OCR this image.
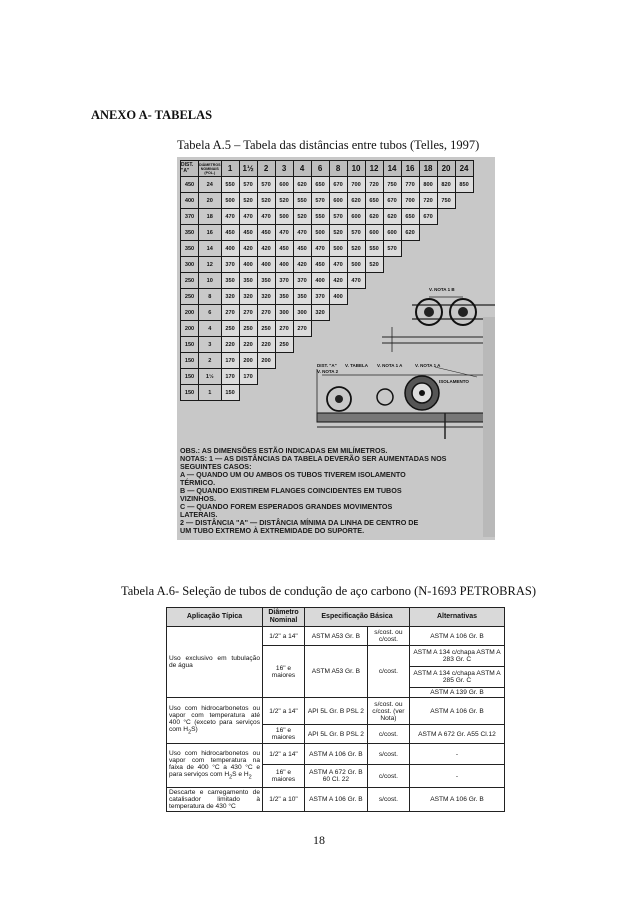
ANEXO A- TABELAS
Tabela A.5 – Tabela das distâncias entre tubos (Telles, 1997)
V. NOTA 1 B
DIST. "A" V. TABELA V. NOTA 1 A
V. NOTA 2
ISOLAMENTO
V. NOTA 1 A
DIST. "A"	DIÂMETROS NOMINAIS (POL.)	1	1½	2	3	4	6	8	10	12	14	16	18	20	24
450	24	550	570	570	600	620	650	670	700	720	750	770	800	820	850
400	20	500	520	520	520	550	570	600	620	650	670	700	720	750	
370	18	470	470	470	500	520	550	570	600	620	620	650	670		
350	16	450	450	450	470	470	500	520	570	600	600	620			
350	14	400	420	420	450	450	470	500	520	550	570				
300	12	370	400	400	400	420	450	470	500	520					
250	10	350	350	350	370	370	400	420	470						
250	8	320	320	320	350	350	370	400							
200	6	270	270	270	300	300	320								
200	4	250	250	250	270	270									
150	3	220	220	220	250										
150	2	170	200	200											
150	1½	170	170												
150	1	150													
OBS.: AS DIMENSÕES ESTÃO INDICADAS EM MILÍMETROS.
NOTAS: 1 — AS DISTÂNCIAS DA TABELA DEVERÃO SER AUMENTADAS NOS
SEGUINTES CASOS:
A — QUANDO UM OU AMBOS OS TUBOS TIVEREM ISOLAMENTO
TÉRMICO.
B — QUANDO EXISTIREM FLANGES COINCIDENTES EM TUBOS
VIZINHOS.
C — QUANDO FOREM ESPERADOS GRANDES MOVIMENTOS
LATERAIS.
2 — DISTÂNCIA "A" — DISTÂNCIA MÍNIMA DA LINHA DE CENTRO DE
UM TUBO EXTREMO À EXTREMIDADE DO SUPORTE.
Tabela A.6- Seleção de tubos de condução de aço carbono (N-1693 PETROBRAS)
Aplicação Típica	Diâmetro Nominal	Especificação Básica		Alternativas
Uso exclusivo em tubulação de água	1/2" a 14"	ASTM A53 Gr. B	s/cost. ou c/cost.	ASTM A 106 Gr. B
	16" e maiores	ASTM A53 Gr. B	c/cost.	ASTM A 134 c/chapa ASTM A 283 Gr. C
				ASTM A 134 c/chapa ASTM A 285 Gr. C
				ASTM A 139 Gr. B
Uso com hidrocarbonetos ou vapor com temperatura até 400 °C (exceto para serviços com $H_2S$)	1/2" a 14"	API 5L Gr. B PSL 2	s/cost. ou c/cost. (ver Nota)	ASTM A 106 Gr. B
	16" e maiores	API 5L Gr. B PSL 2	c/cost.	ASTM A 672 Gr. A55 Cl.12
Uso com hidrocarbonetos ou vapor com temperatura na faixa de 400 °C a 430 °C e para serviços com $H_2S$ e $H_2$	1/2" a 14"	ASTM A 106 Gr. B	s/cost.	-
	16" e maiores	ASTM A 672 Gr. B 60 Cl. 22	c/cost.	-
Descarte e carregamento de catalisador limitado à temperatura de 430 °C	1/2" a 10"	ASTM A 106 Gr. B	s/cost.	ASTM A 106 Gr. B
18
